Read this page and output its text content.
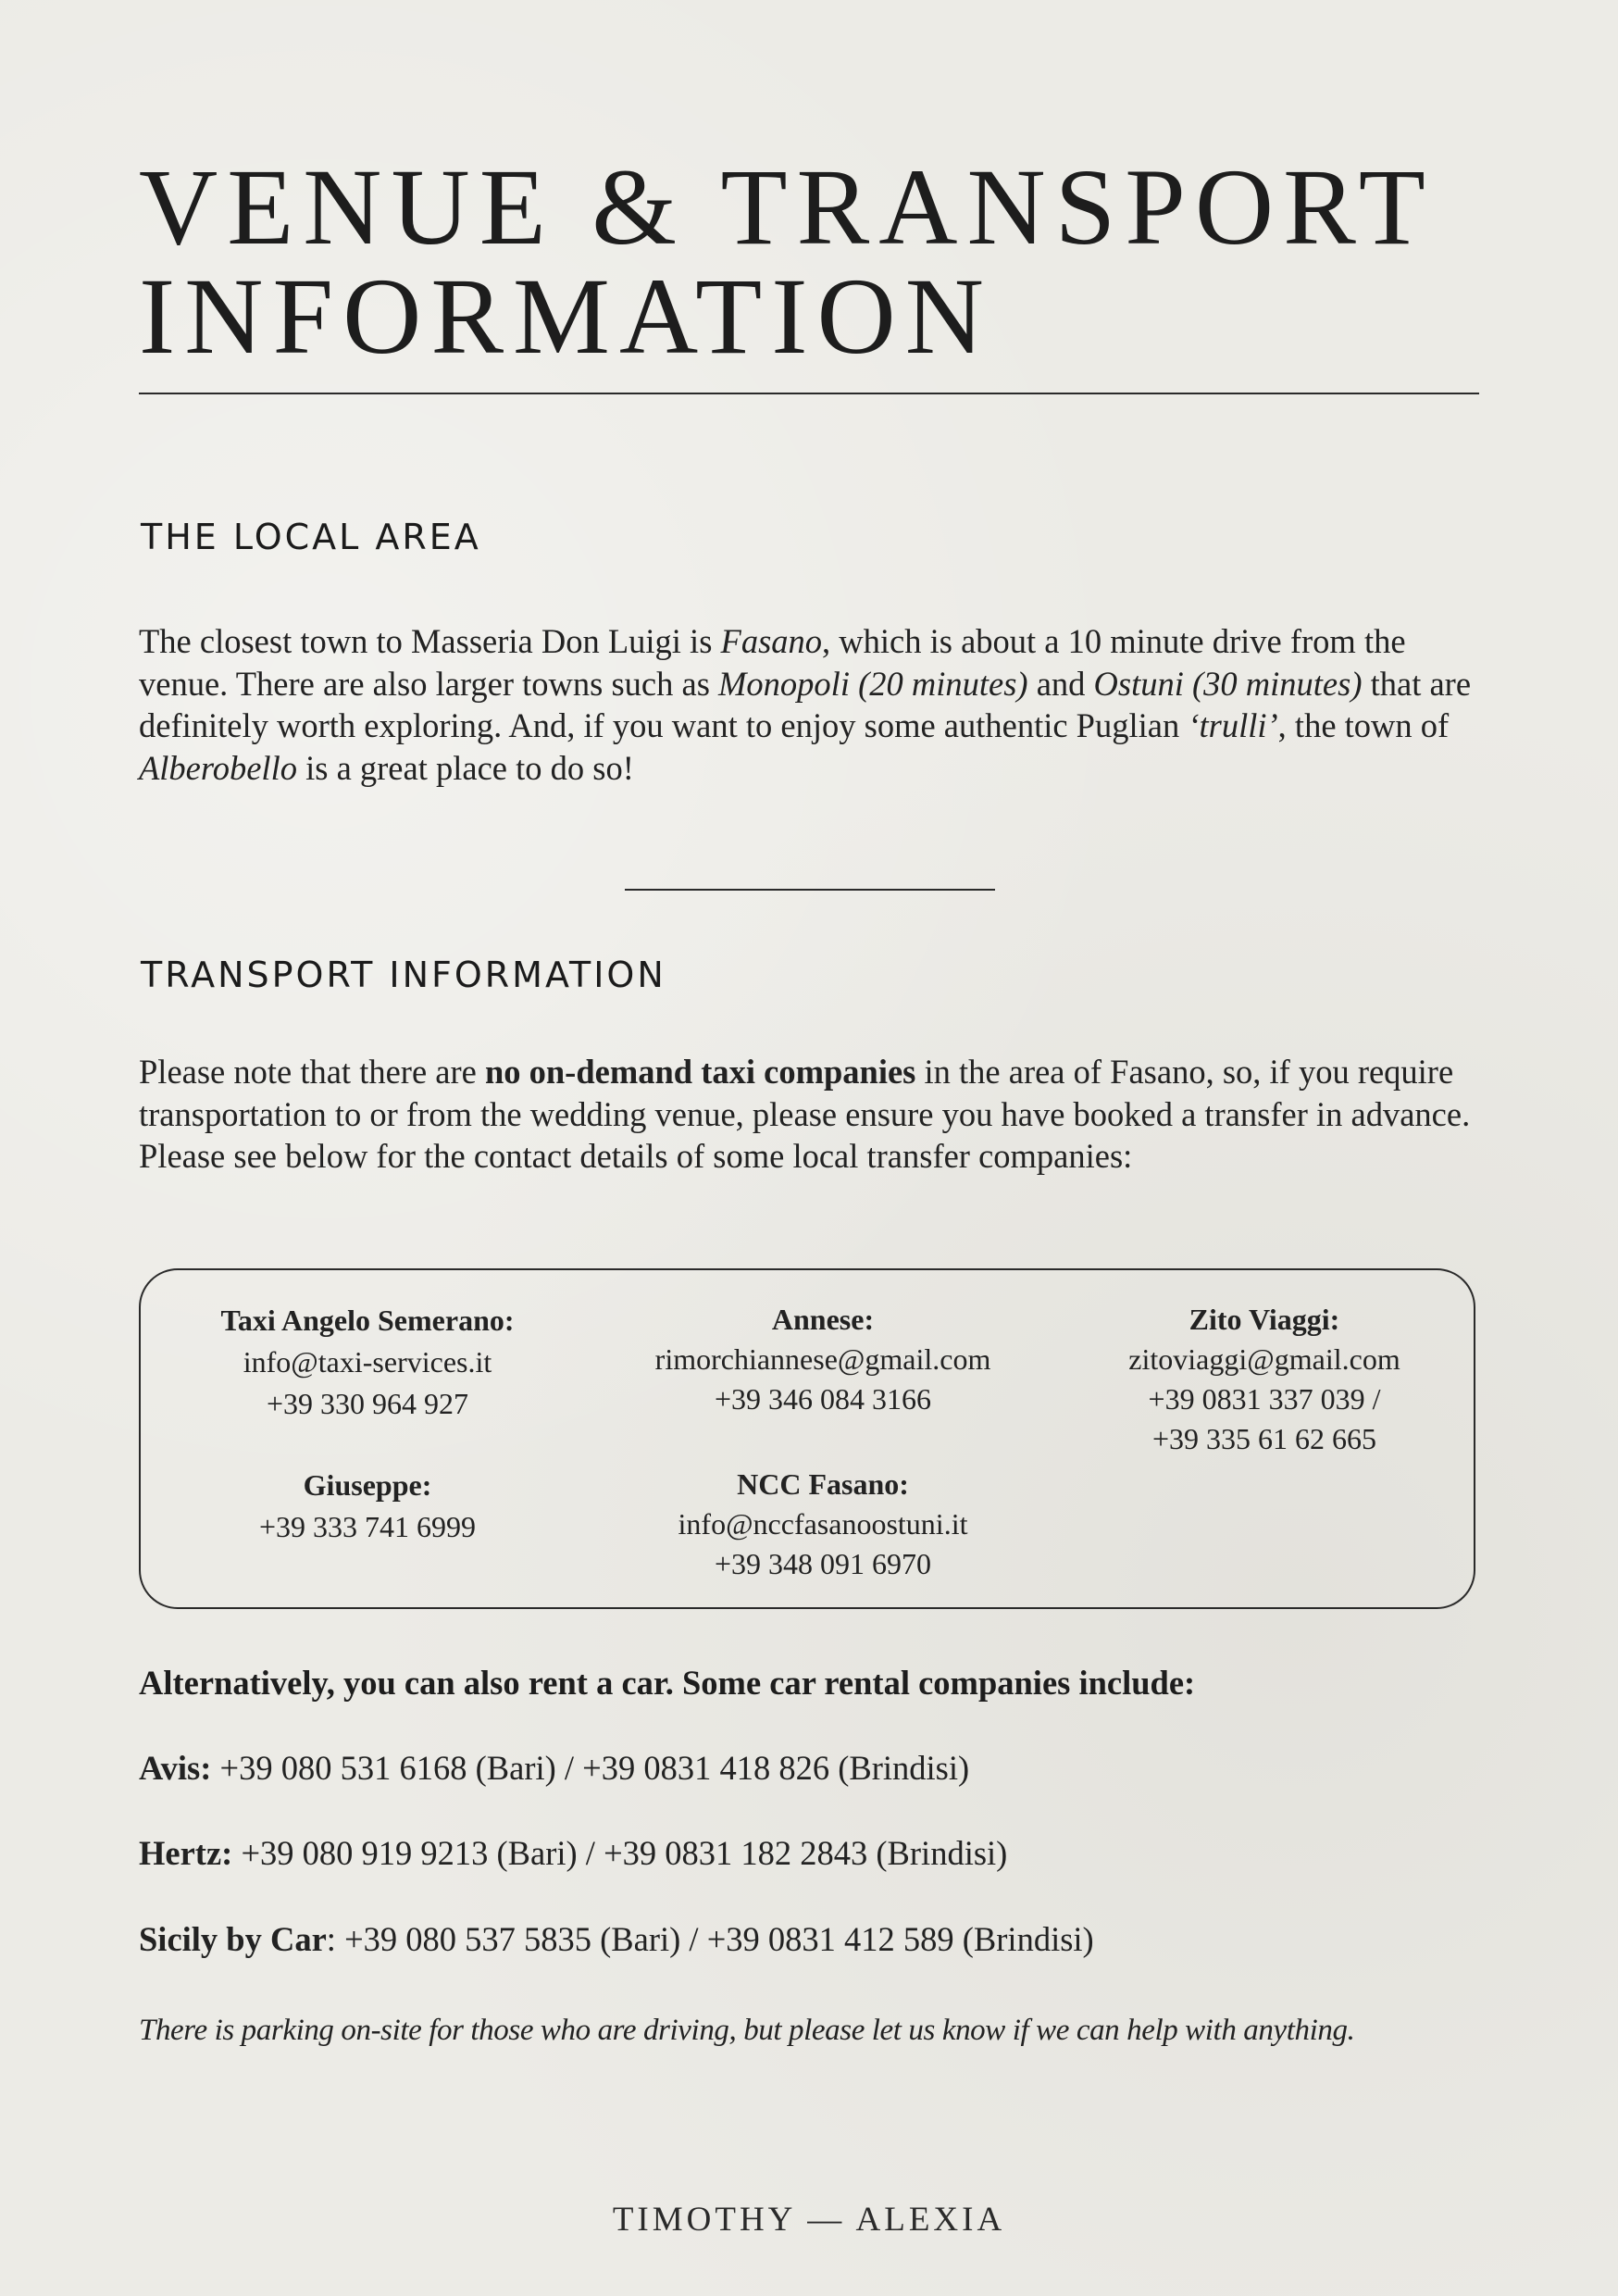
VENUE & TRANSPORT
INFORMATION
THE LOCAL AREA

The closest town to Masseria Don Luigi is Fasano, which is about a 10 minute drive from the venue. There are also larger towns such as Monopoli (20 minutes) and Ostuni (30 minutes) that are definitely worth exploring. And, if you want to enjoy some authentic Puglian ‘trulli’, the town of Alberobello is a great place to do so!

TRANSPORT INFORMATION

Please note that there are no on-demand taxi companies in the area of Fasano, so, if you require transportation to or from the wedding venue, please ensure you have booked a transfer in advance. Please see below for the contact details of some local transfer companies:

Taxi Angelo Semerano:
info@taxi-services.it
+39 330 964 927
Annese:
rimorchiannese@gmail.com
+39 346 084 3166
Zito Viaggi:
zitoviaggi@gmail.com
+39 0831 337 039 /
+39 335 61 62 665
Giuseppe:
+39 333 741 6999
NCC Fasano:
info@nccfasanoostuni.it
+39 348 091 6970

Alternatively, you can also rent a car. Some car rental companies include:

Avis: +39 080 531 6168 (Bari) / +39 0831 418 826 (Brindisi)

Hertz: +39 080 919 9213 (Bari) / +39 0831 182 2843 (Brindisi)

Sicily by Car: +39 080 537 5835 (Bari) / +39 0831 412 589 (Brindisi)

There is parking on-site for those who are driving, but please let us know if we can help with anything.

TIMOTHY — ALEXIA
